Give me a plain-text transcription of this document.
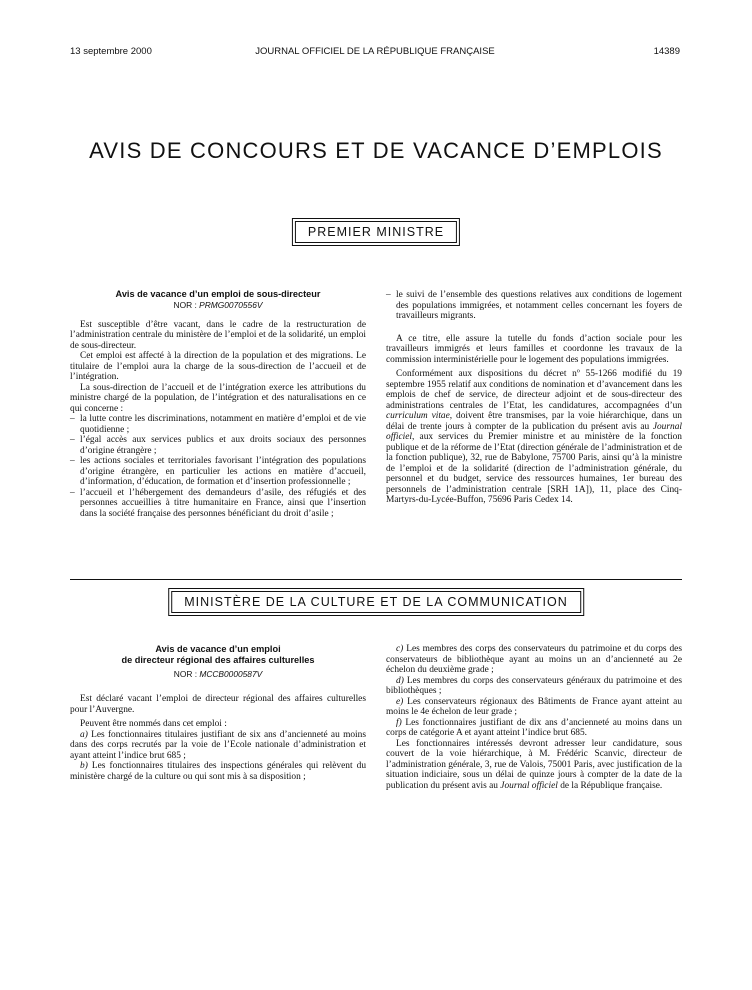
13 septembre 2000	JOURNAL OFFICIEL DE LA RÉPUBLIQUE FRANÇAISE	14389
AVIS DE CONCOURS ET DE VACANCE D’EMPLOIS
PREMIER MINISTRE
Avis de vacance d’un emploi de sous-directeur
NOR : PRMG0070556V

Est susceptible d’être vacant, dans le cadre de la restructuration de l’administration centrale du ministère de l’emploi et de la solidarité, un emploi de sous-directeur.

Cet emploi est affecté à la direction de la population et des migrations. Le titulaire de l’emploi aura la charge de la sous-direction de l’accueil et de l’intégration.

La sous-direction de l’accueil et de l’intégration exerce les attributions du ministre chargé de la population, de l’intégration et des naturalisations en ce qui concerne :

– la lutte contre les discriminations, notamment en matière d’emploi et de vie quotidienne ;
– l’égal accès aux services publics et aux droits sociaux des personnes d’origine étrangère ;
– les actions sociales et territoriales favorisant l’intégration des populations d’origine étrangère, en particulier les actions en matière d’accueil, d’information, d’éducation, de formation et d’insertion professionnelle ;
– l’accueil et l’hébergement des demandeurs d’asile, des réfugiés et des personnes accueillies à titre humanitaire en France, ainsi que l’insertion dans la société française des personnes bénéficiant du droit d’asile ;
– le suivi de l’ensemble des questions relatives aux conditions de logement des populations immigrées, et notamment celles concernant les foyers de travailleurs migrants.

A ce titre, elle assure la tutelle du fonds d’action sociale pour les travailleurs immigrés et leurs familles et coordonne les travaux de la commission interministérielle pour le logement des populations immigrées.

Conformément aux dispositions du décret nº 55-1266 modifié du 19 septembre 1955 relatif aux conditions de nomination et d’avancement dans les emplois de chef de service, de directeur adjoint et de sous-directeur des administrations centrales de l’Etat, les candidatures, accompagnées d’un curriculum vitae, doivent être transmises, par la voie hiérarchique, dans un délai de trente jours à compter de la publication du présent avis au Journal officiel, aux services du Premier ministre et au ministère de la fonction publique et de la réforme de l’Etat (direction générale de l’administration et de la fonction publique), 32, rue de Babylone, 75700 Paris, ainsi qu’à la ministre de l’emploi et de la solidarité (direction de l’administration générale, du personnel et du budget, service des ressources humaines, 1er bureau des personnels de l’administration centrale [SRH 1A]), 11, place des Cinq-Martyrs-du-Lycée-Buffon, 75696 Paris Cedex 14.

MINISTÈRE DE LA CULTURE ET DE LA COMMUNICATION
Avis de vacance d’un emploi
de directeur régional des affaires culturelles
NOR : MCCB0000587V

Est déclaré vacant l’emploi de directeur régional des affaires culturelles pour l’Auvergne.

Peuvent être nommés dans cet emploi :

a) Les fonctionnaires titulaires justifiant de six ans d’ancienneté au moins dans des corps recrutés par la voie de l’Ecole nationale d’administration et ayant atteint l’indice brut 685 ;

b) Les fonctionnaires titulaires des inspections générales qui relèvent du ministère chargé de la culture ou qui sont mis à sa disposition ;

c) Les membres des corps des conservateurs du patrimoine et du corps des conservateurs de bibliothèque ayant au moins un an d’ancienneté au 2e échelon du deuxième grade ;

d) Les membres du corps des conservateurs généraux du patrimoine et des bibliothèques ;

e) Les conservateurs régionaux des Bâtiments de France ayant atteint au moins le 4e échelon de leur grade ;

f) Les fonctionnaires justifiant de dix ans d’ancienneté au moins dans un corps de catégorie A et ayant atteint l’indice brut 685.

Les fonctionnaires intéressés devront adresser leur candidature, sous couvert de la voie hiérarchique, à M. Frédéric Scanvic, directeur de l’administration générale, 3, rue de Valois, 75001 Paris, avec justification de la situation indiciaire, sous un délai de quinze jours à compter de la date de la publication du présent avis au Journal officiel de la République française.
